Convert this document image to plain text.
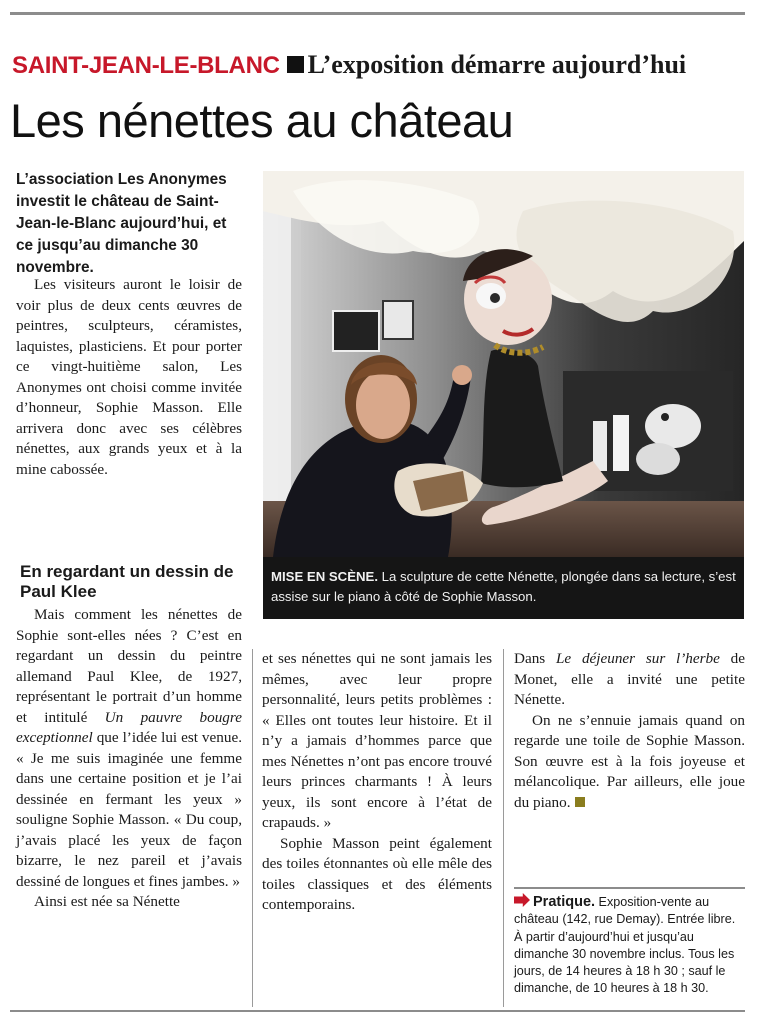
SAINT-JEAN-LE-BLANC L’exposition démarre aujourd’hui
Les nénettes au château

L’association Les Anonymes investit le château de Saint-Jean-le-Blanc aujourd’hui, et ce jusqu’au dimanche 30 novembre.

Les visiteurs auront le loisir de voir plus de deux cents œuvres de peintres, sculpteurs, céramistes, laquistes, plasticiens. Et pour porter ce vingt-huitième salon, Les Anonymes ont choisi comme invitée d’honneur, Sophie Masson. Elle arrivera donc avec ses célèbres nénettes, aux grands yeux et à la mine cabossée.

En regardant un dessin de Paul Klee

Mais comment les nénettes de Sophie sont-elles nées ? C’est en regardant un dessin du peintre allemand Paul Klee, de 1927, représentant le portrait d’un homme et intitulé Un pauvre bougre exceptionnel que l’idée lui est venue. « Je me suis imaginée une femme dans une certaine position et je l’ai dessinée en fermant les yeux » souligne Sophie Masson. « Du coup, j’avais placé les yeux de façon bizarre, le nez pareil et j’avais dessiné de longues et fines jambes. »

Ainsi est née sa Nénette

et ses nénettes qui ne sont jamais les mêmes, avec leur propre personnalité, leurs petits problèmes : « Elles ont toutes leur histoire. Et il n’y a jamais d’hommes parce que mes Nénettes n’ont pas encore trouvé leurs princes charmants ! À leurs yeux, ils sont encore à l’état de crapauds. »

Sophie Masson peint également des toiles étonnantes où elle mêle des toiles classiques et des éléments contemporains.

Dans Le déjeuner sur l’herbe de Monet, elle a invité une petite Nénette.

On ne s’ennuie jamais quand on regarde une toile de Sophie Masson. Son œuvre est à la fois joyeuse et mélancolique. Par ailleurs, elle joue du piano.

Pratique. Exposition-vente au château (142, rue Demay). Entrée libre. À partir d’aujourd’hui et jusqu’au dimanche 30 novembre inclus. Tous les jours, de 14 heures à 18 h 30 ; sauf le dimanche, de 10 heures à 18 h 30.

MISE EN SCÈNE. La sculpture de cette Nénette, plongée dans sa lecture, s’est assise sur le piano à côté de Sophie Masson.
